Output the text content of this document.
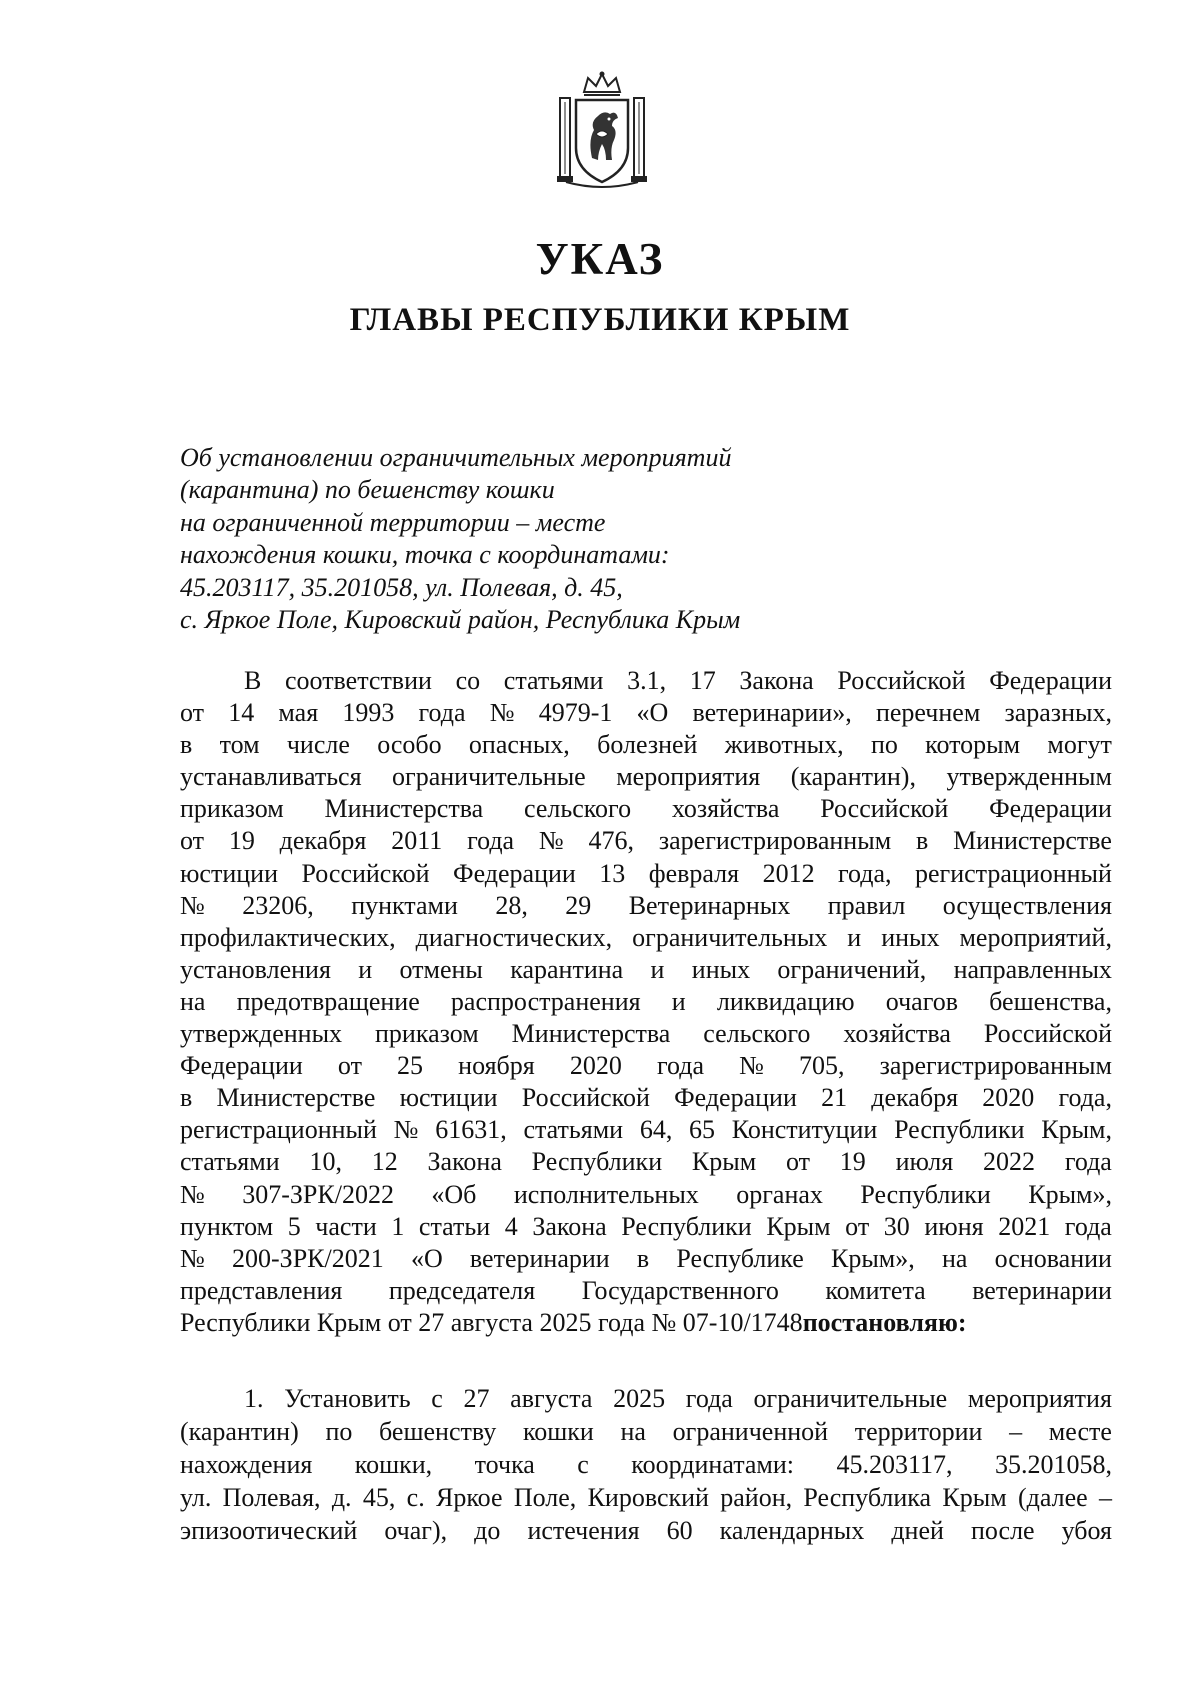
УКАЗ
ГЛАВЫ РЕСПУБЛИКИ КРЫМ
Об установлении ограничительных мероприятий
(карантина) по бешенству кошки
на ограниченной территории – месте
нахождения кошки, точка с координатами:
45.203117, 35.201058, ул. Полевая, д. 45,
с. Яркое Поле, Кировский район, Республика Крым
В соответствии со статьями 3.1, 17 Закона Российской Федерации
от 14 мая 1993 года № 4979-1 «О ветеринарии», перечнем заразных,
в том числе особо опасных, болезней животных, по которым могут
устанавливаться ограничительные мероприятия (карантин), утвержденным
приказом Министерства сельского хозяйства Российской Федерации
от 19 декабря 2011 года № 476, зарегистрированным в Министерстве
юстиции Российской Федерации 13 февраля 2012 года, регистрационный
№ 23206, пунктами 28, 29 Ветеринарных правил осуществления
профилактических, диагностических, ограничительных и иных мероприятий,
установления и отмены карантина и иных ограничений, направленных
на предотвращение распространения и ликвидацию очагов бешенства,
утвержденных приказом Министерства сельского хозяйства Российской
Федерации от 25 ноября 2020 года № 705, зарегистрированным
в Министерстве юстиции Российской Федерации 21 декабря 2020 года,
регистрационный № 61631, статьями 64, 65 Конституции Республики Крым,
статьями 10, 12 Закона Республики Крым от 19 июля 2022 года
№ 307-ЗРК/2022 «Об исполнительных органах Республики Крым»,
пунктом 5 части 1 статьи 4 Закона Республики Крым от 30 июня 2021 года
№ 200-ЗРК/2021 «О ветеринарии в Республике Крым», на основании
представления председателя Государственного комитета ветеринарии
Республики Крым от 27 августа 2025 года № 07-10/1748 постановляю:
1. Установить с 27 августа 2025 года ограничительные мероприятия
(карантин) по бешенству кошки на ограниченной территории – месте
нахождения кошки, точка с координатами: 45.203117, 35.201058,
ул. Полевая, д. 45, с. Яркое Поле, Кировский район, Республика Крым (далее –
эпизоотический очаг), до истечения 60 календарных дней после убоя
